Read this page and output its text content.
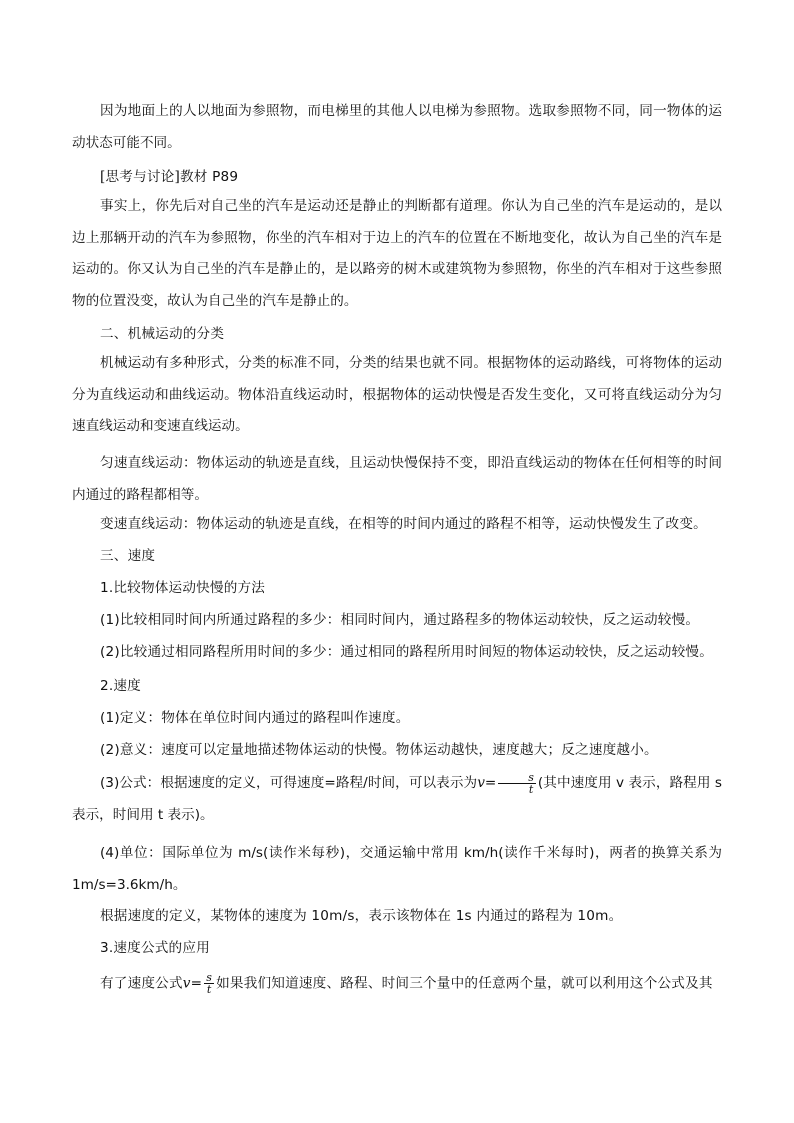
因为地面上的人以地面为参照物，而电梯里的其他人以电梯为参照物。选取参照物不同，同一物体的运动状态可能不同。
[思考与讨论]教材 P89
事实上，你先后对自己坐的汽车是运动还是静止的判断都有道理。你认为自己坐的汽车是运动的，是以边上那辆开动的汽车为参照物，你坐的汽车相对于边上的汽车的位置在不断地变化，故认为自己坐的汽车是运动的。你又认为自己坐的汽车是静止的，是以路旁的树木或建筑物为参照物，你坐的汽车相对于这些参照物的位置没变，故认为自己坐的汽车是静止的。
二、机械运动的分类
机械运动有多种形式，分类的标准不同，分类的结果也就不同。根据物体的运动路线，可将物体的运动分为直线运动和曲线运动。物体沿直线运动时，根据物体的运动快慢是否发生变化，又可将直线运动分为匀速直线运动和变速直线运动。
匀速直线运动：物体运动的轨迹是直线，且运动快慢保持不变，即沿直线运动的物体在任何相等的时间内通过的路程都相等。
变速直线运动：物体运动的轨迹是直线，在相等的时间内通过的路程不相等，运动快慢发生了改变。
三、速度
1.比较物体运动快慢的方法
(1)比较相同时间内所通过路程的多少：相同时间内，通过路程多的物体运动较快，反之运动较慢。
(2)比较通过相同路程所用时间的多少：通过相同的路程所用时间短的物体运动较快，反之运动较慢。
2.速度
(1)定义：物体在单位时间内通过的路程叫作速度。
(2)意义：速度可以定量地描述物体运动的快慢。物体运动越快，速度越大；反之速度越小。
(3)公式：根据速度的定义，可得速度=路程/时间，可以表示为$v= \frac{s}{t}$ (其中速度用 v 表示，路程用 s 表示，时间用 t 表示)。
(4)单位：国际单位为 m/s(读作米每秒)，交通运输中常用 km/h(读作千米每时)，两者的换算关系为 1m/s=3.6km/h。
根据速度的定义，某物体的速度为 10m/s，表示该物体在 1s 内通过的路程为 10m。
3.速度公式的应用
有了速度公式$v= \frac{s}{t}$ 如果我们知道速度、路程、时间三个量中的任意两个量，就可以利用这个公式及其
